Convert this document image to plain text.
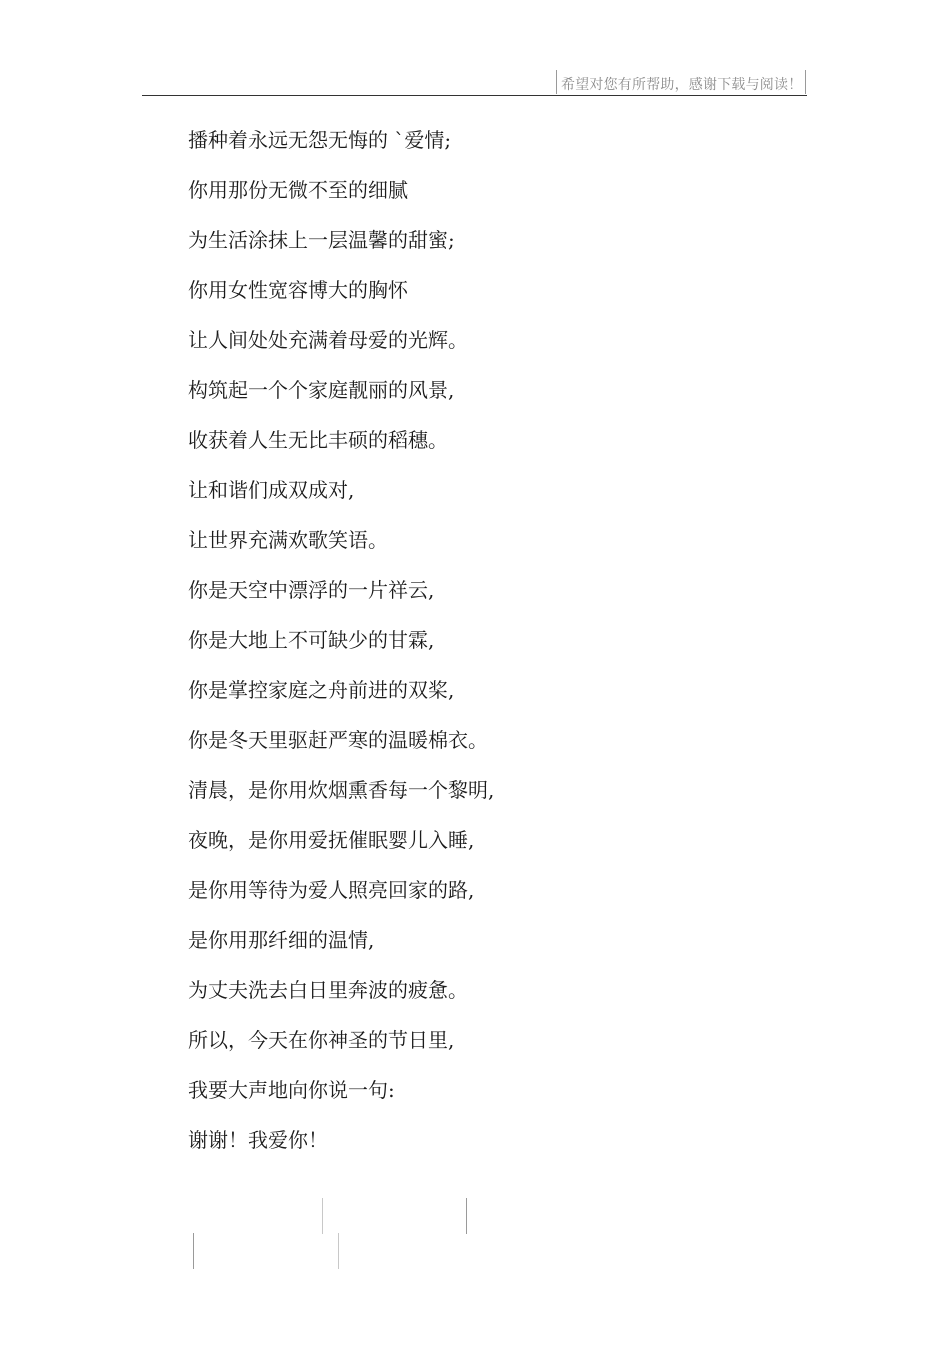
希望对您有所帮助，感谢下载与阅读！
播种着永远无怨无悔的 `爱情;
你用那份无微不至的细腻
为生活涂抹上一层温馨的甜蜜;
你用女性宽容博大的胸怀
让人间处处充满着母爱的光辉。
构筑起一个个家庭靓丽的风景,
收获着人生无比丰硕的稻穗。
让和谐们成双成对,
让世界充满欢歌笑语。
你是天空中漂浮的一片祥云,
你是大地上不可缺少的甘霖,
你是掌控家庭之舟前进的双桨,
你是冬天里驱赶严寒的温暖棉衣。
清晨，是你用炊烟熏香每一个黎明,
夜晚，是你用爱抚催眠婴儿入睡,
是你用等待为爱人照亮回家的路,
是你用那纤细的温情,
为丈夫洗去白日里奔波的疲惫。
所以，今天在你神圣的节日里,
我要大声地向你说一句:
谢谢！我爱你！
